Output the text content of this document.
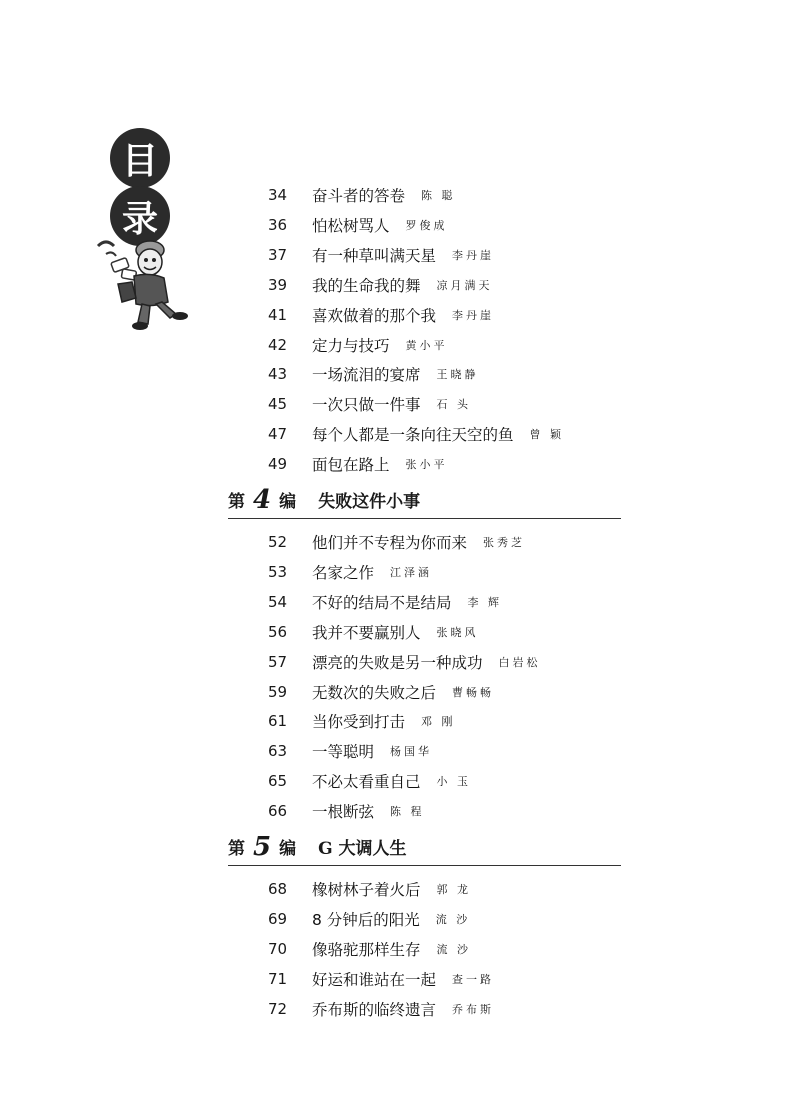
目
录
34	奋斗者的答卷 陈 聪
36	怕松树骂人 罗俊成
37	有一种草叫满天星 李丹崖
39	我的生命我的舞 凉月满天
41	喜欢做着的那个我 李丹崖
42	定力与技巧 黄小平
43	一场流泪的宴席 王晓静
45	一次只做一件事 石 头
47	每个人都是一条向往天空的鱼 曾 颖
49	面包在路上 张小平
第 4 编 失败这件小事
52	他们并不专程为你而来 张秀芝
53	名家之作 江泽涵
54	不好的结局不是结局 李 辉
56	我并不要赢别人 张晓风
57	漂亮的失败是另一种成功 白岩松
59	无数次的失败之后 曹畅畅
61	当你受到打击 邓 刚
63	一等聪明 杨国华
65	不必太看重自己 小 玉
66	一根断弦 陈 程
第 5 编 G 大调人生
68	橡树林子着火后 郭 龙
69	8 分钟后的阳光 流 沙
70	像骆驼那样生存 流 沙
71	好运和谁站在一起 查一路
72	乔布斯的临终遗言 乔布斯
